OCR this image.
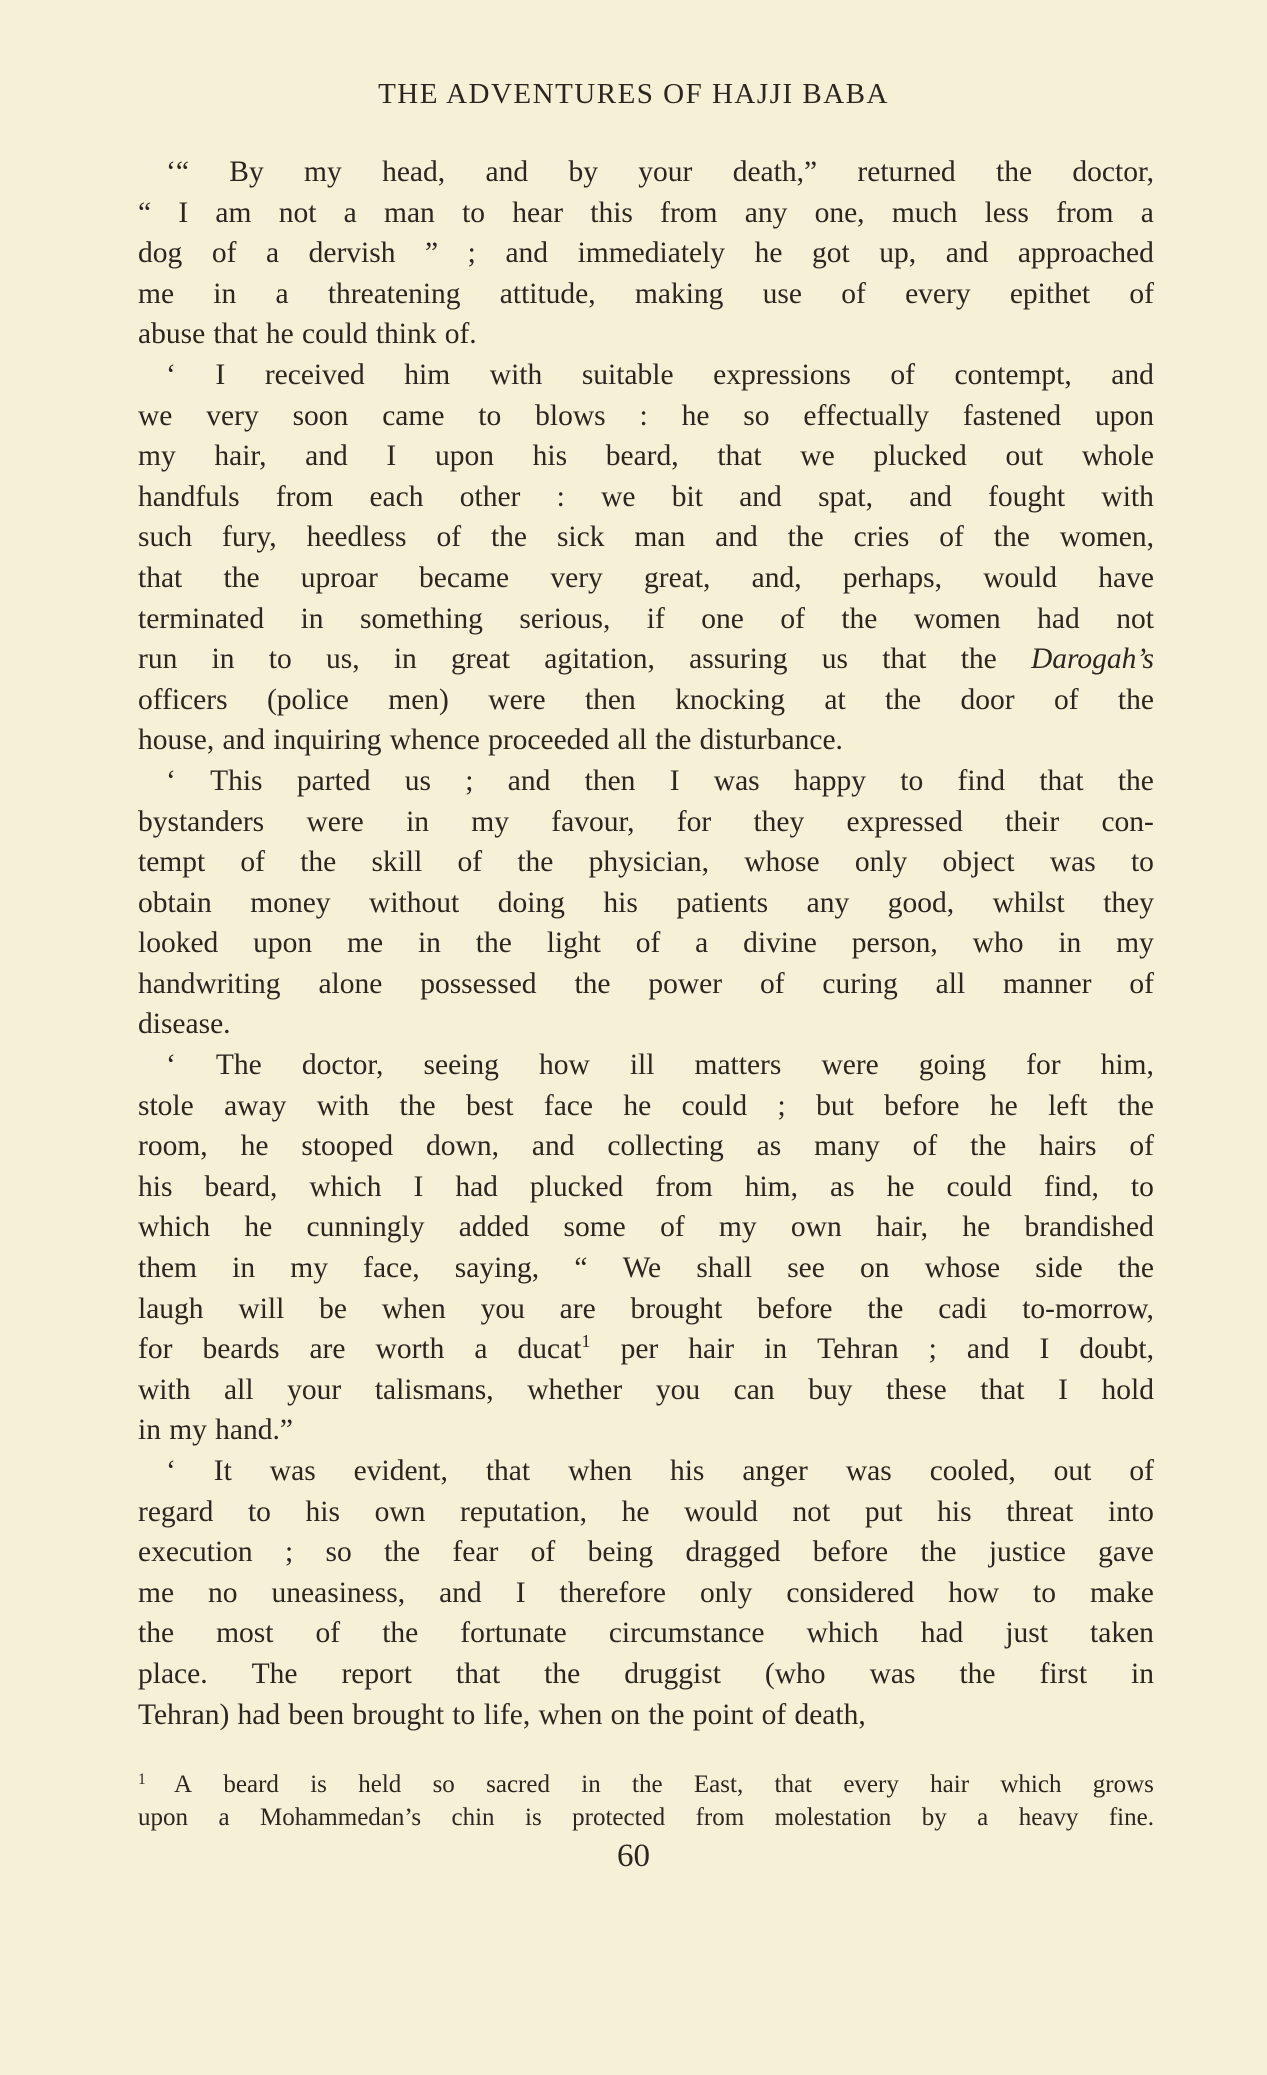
THE ADVENTURES OF HAJJI BABA
‘“ By my head, and by your death,” returned the doctor,
“ I am not a man to hear this from any one, much less from a
dog of a dervish ” ; and immediately he got up, and approached
me in a threatening attitude, making use of every epithet of
abuse that he could think of.
‘ I received him with suitable expressions of contempt, and
we very soon came to blows : he so effectually fastened upon
my hair, and I upon his beard, that we plucked out whole
handfuls from each other : we bit and spat, and fought with
such fury, heedless of the sick man and the cries of the women,
that the uproar became very great, and, perhaps, would have
terminated in something serious, if one of the women had not
run in to us, in great agitation, assuring us that the Darogah’s
officers (police men) were then knocking at the door of the
house, and inquiring whence proceeded all the disturbance.
‘ This parted us ; and then I was happy to find that the
bystanders were in my favour, for they expressed their con-
tempt of the skill of the physician, whose only object was to
obtain money without doing his patients any good, whilst they
looked upon me in the light of a divine person, who in my
handwriting alone possessed the power of curing all manner of
disease.
‘ The doctor, seeing how ill matters were going for him,
stole away with the best face he could ; but before he left the
room, he stooped down, and collecting as many of the hairs of
his beard, which I had plucked from him, as he could find, to
which he cunningly added some of my own hair, he brandished
them in my face, saying, “ We shall see on whose side the
laugh will be when you are brought before the cadi to-morrow,
for beards are worth a ducat$^1$ per hair in Tehran ; and I doubt,
with all your talismans, whether you can buy these that I hold
in my hand.”
‘ It was evident, that when his anger was cooled, out of
regard to his own reputation, he would not put his threat into
execution ; so the fear of being dragged before the justice gave
me no uneasiness, and I therefore only considered how to make
the most of the fortunate circumstance which had just taken
place. The report that the druggist (who was the first in
Tehran) had been brought to life, when on the point of death,
1 A beard is held so sacred in the East, that every hair which grows
upon a Mohammedan’s chin is protected from molestation by a heavy fine.
60
